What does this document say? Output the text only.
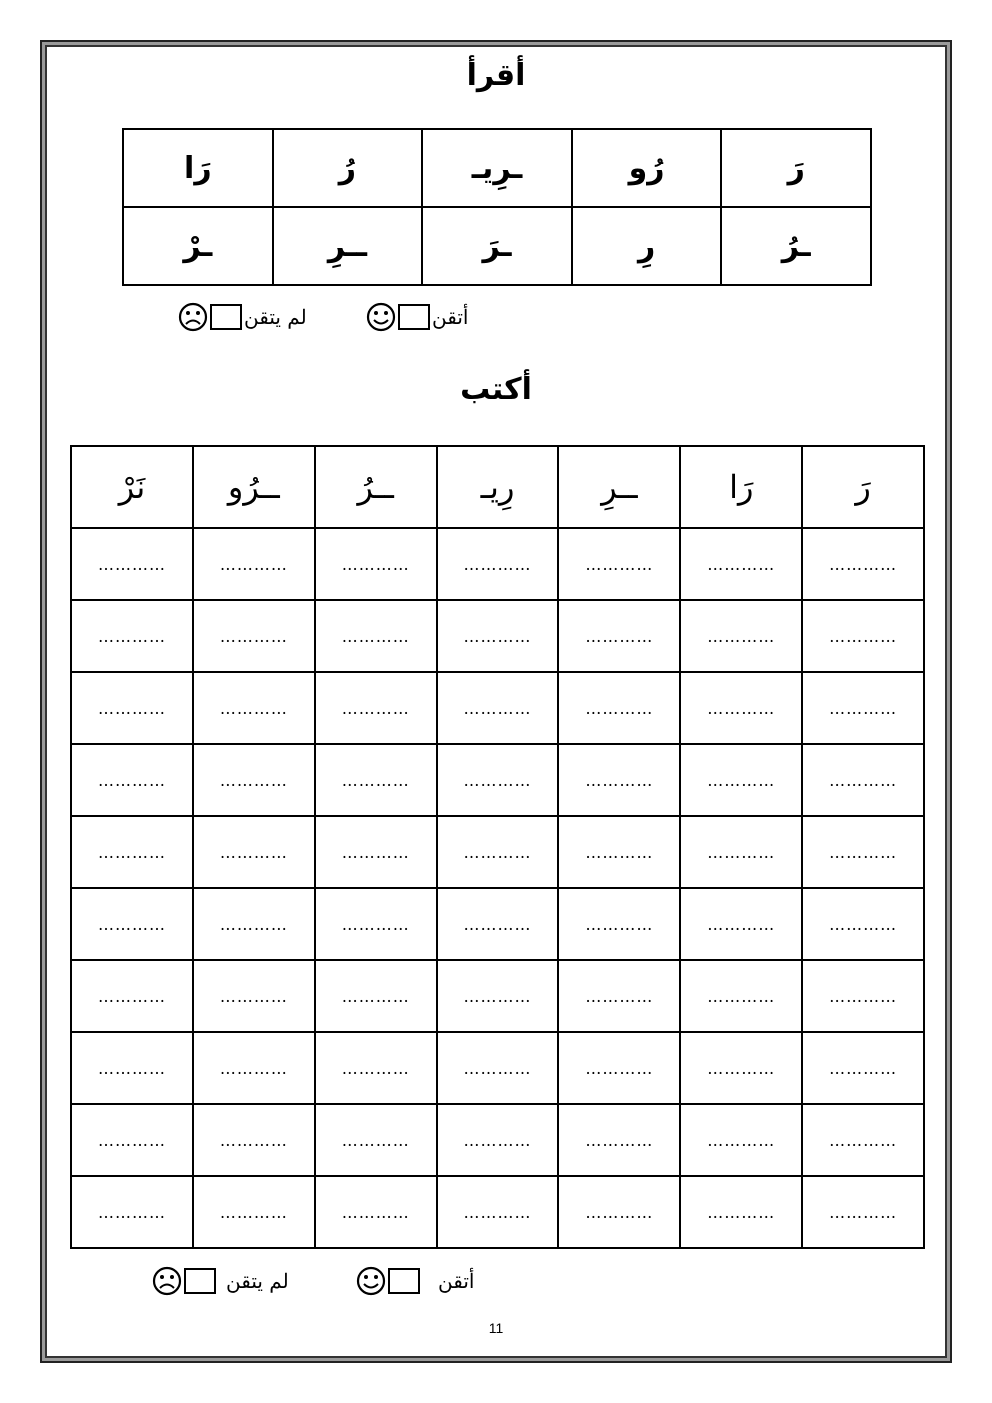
أقرأ
رَ	رُو	ـرِيـ	رُ	رَا
ـرُ	رِ	ـرَ	ــرِ	ـرْ
أتقن
لم يتقن
أكتب
رَ	رَا	ــرِ	رِيـ	ــرُ	ــرُو	نَرْ
…………	…………	…………	…………	…………	…………	…………
…………	…………	…………	…………	…………	…………	…………
…………	…………	…………	…………	…………	…………	…………
…………	…………	…………	…………	…………	…………	…………
…………	…………	…………	…………	…………	…………	…………
…………	…………	…………	…………	…………	…………	…………
…………	…………	…………	…………	…………	…………	…………
…………	…………	…………	…………	…………	…………	…………
…………	…………	…………	…………	…………	…………	…………
…………	…………	…………	…………	…………	…………	…………
أتقن
لم يتقن
11
